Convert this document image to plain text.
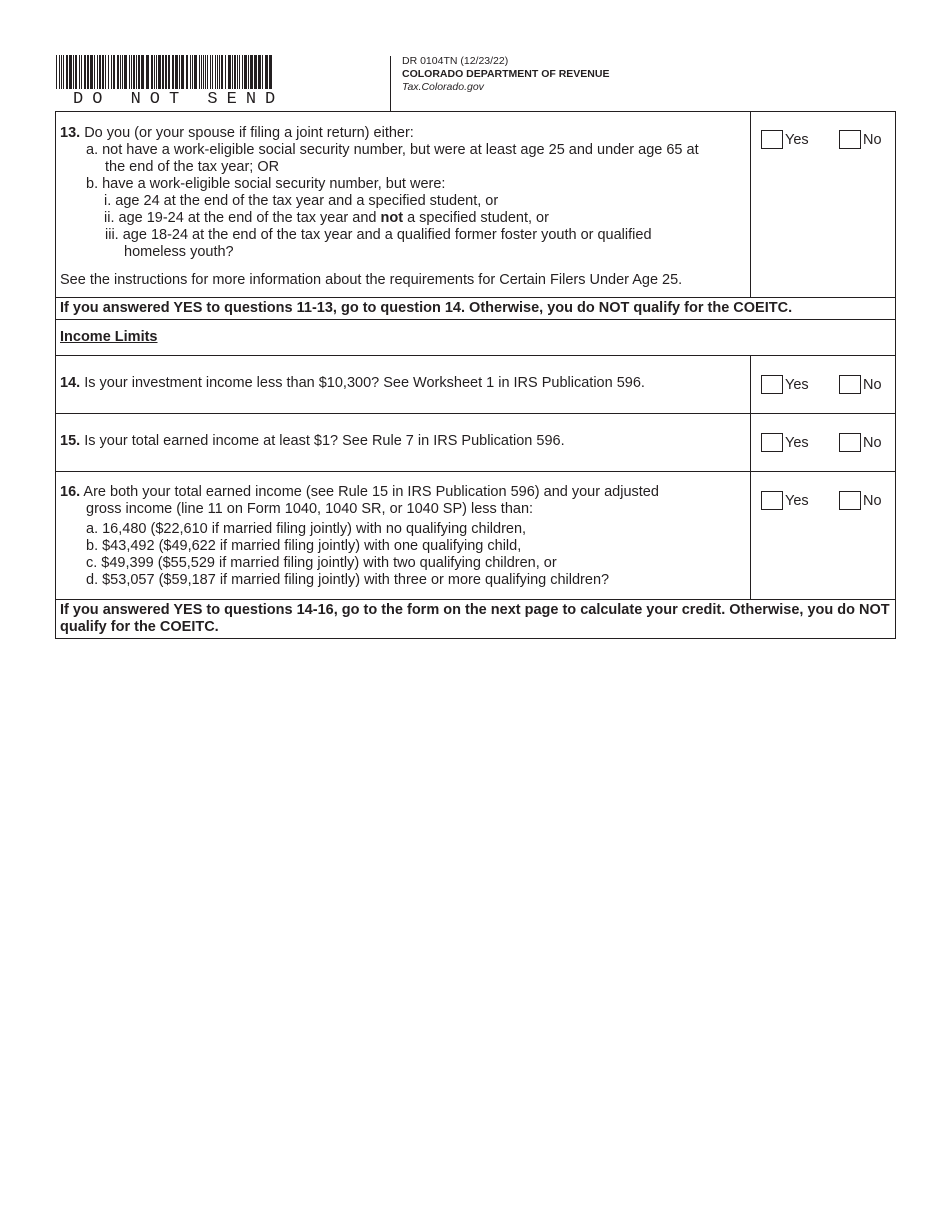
DO NOT SEND
DR 0104TN (12/23/22)
COLORADO DEPARTMENT OF REVENUE
Tax.Colorado.gov
13. Do you (or your spouse if filing a joint return) either:
a. not have a work-eligible social security number, but were at least age 25 and under age 65 at
the end of the tax year; OR
b. have a work-eligible social security number, but were:
i. age 24 at the end of the tax year and a specified student, or
ii. age 19-24 at the end of the tax year and not a specified student, or
iii. age 18-24 at the end of the tax year and a qualified former foster youth or qualified homeless youth?
See the instructions for more information about the requirements for Certain Filers Under Age 25.
Yes	No
If you answered YES to questions 11-13, go to question 14. Otherwise, you do NOT qualify for the COEITC.
Income Limits
14. Is your investment income less than $10,300? See Worksheet 1 in IRS Publication 596.	Yes	No
15. Is your total earned income at least $1? See Rule 7 in IRS Publication 596.	Yes	No
16. Are both your total earned income (see Rule 15 in IRS Publication 596) and your adjusted
gross income (line 11 on Form 1040, 1040 SR, or 1040 SP) less than:
a. 16,480 ($22,610 if married filing jointly) with no qualifying children,
b. $43,492 ($49,622 if married filing jointly) with one qualifying child,
c. $49,399 ($55,529 if married filing jointly) with two qualifying children, or
d. $53,057 ($59,187 if married filing jointly) with three or more qualifying children?
Yes	No
If you answered YES to questions 14-16, go to the form on the next page to calculate your credit. Otherwise, you do NOT qualify for the COEITC.
